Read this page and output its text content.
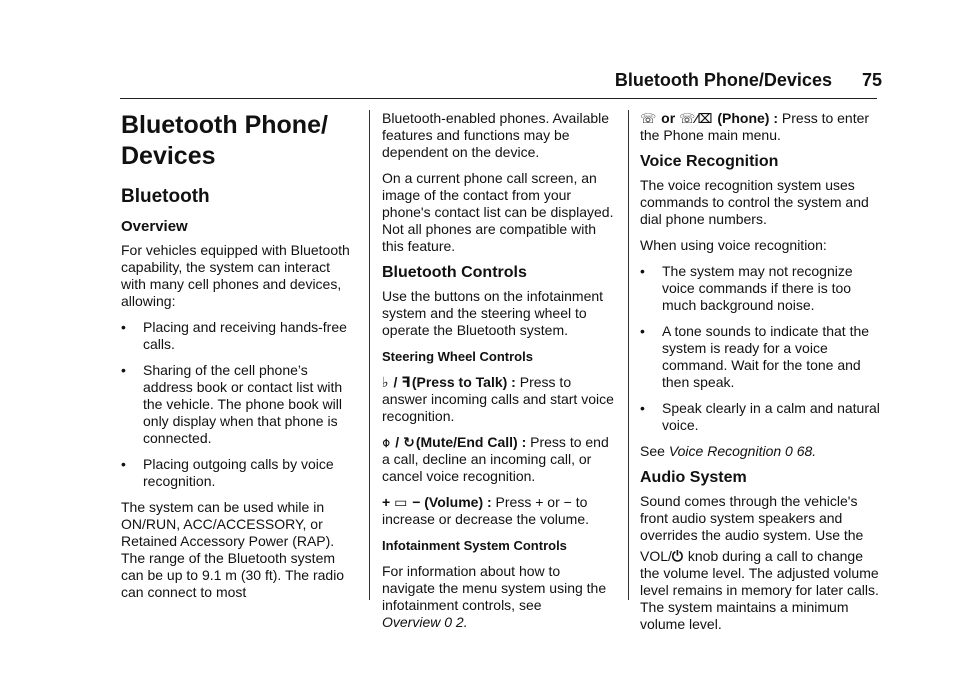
Bluetooth Phone/Devices 75
Bluetooth Phone/
Devices
Bluetooth
Overview

For vehicles equipped with Bluetooth capability, the system can interact with many cell phones and devices, allowing:

•	Placing and receiving hands-free calls.
•	Sharing of the cell phone’s address book or contact list with the vehicle. The phone book will only display when that phone is connected.
•	Placing outgoing calls by voice recognition.

The system can be used while in ON/RUN, ACC/ACCESSORY, or Retained Accessory Power (RAP). The range of the Bluetooth system can be up to 9.1 m (30 ft). The radio can connect to most

Bluetooth-enabled phones. Available features and functions may be dependent on the device.

On a current phone call screen, an image of the contact from your phone's contact list can be displayed. Not all phones are compatible with this feature.

Bluetooth Controls

Use the buttons on the infotainment system and the steering wheel to operate the Bluetooth system.

Steering Wheel Controls

♭ / ꟻ(Press to Talk) : Press to answer incoming calls and start voice recognition.

⌽ / ↻(Mute/End Call) : Press to end a call, decline an incoming call, or cancel voice recognition.

+ ▭ − (Volume) : Press + or − to increase or decrease the volume.

Infotainment System Controls

For information about how to navigate the menu system using the infotainment controls, see
Overview 0 2.

☏ or ☏⁄⌧ (Phone) : Press to enter the Phone main menu.

Voice Recognition

The voice recognition system uses commands to control the system and dial phone numbers.

When using voice recognition:

•	The system may not recognize voice commands if there is too much background noise.
•	A tone sounds to indicate that the system is ready for a voice command. Wait for the tone and then speak.
•	Speak clearly in a calm and natural voice.

See Voice Recognition 0 68.

Audio System

Sound comes through the vehicle's front audio system speakers and overrides the audio system. Use the

VOL/⏻ knob during a call to change the volume level. The adjusted volume level remains in memory for later calls. The system maintains a minimum volume level.
